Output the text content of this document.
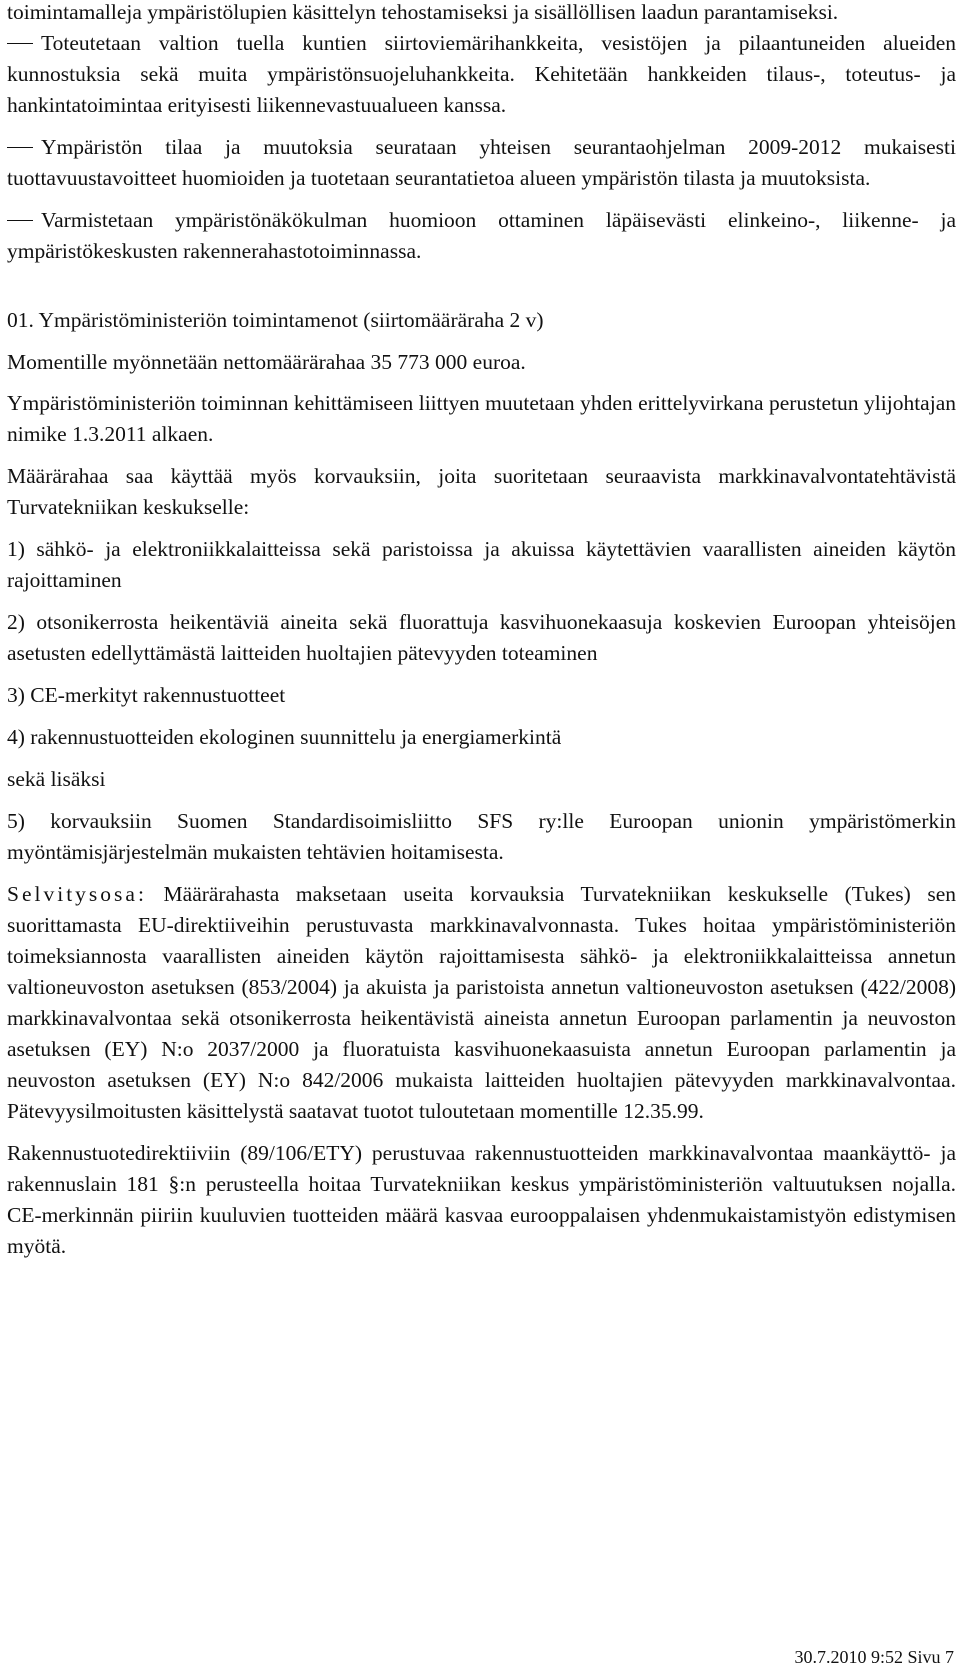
toimintamalleja ympäristölupien käsittelyn tehostamiseksi ja sisällöllisen laadun parantamiseksi.

Toteutetaan valtion tuella kuntien siirtoviemärihankkeita, vesistöjen ja pilaantuneiden alueiden kunnostuksia sekä muita ympäristönsuojeluhankkeita. Kehitetään hankkeiden tilaus-, toteutus- ja hankintatoimintaa erityisesti liikennevastuualueen kanssa.

Ympäristön tilaa ja muutoksia seurataan yhteisen seurantaohjelman 2009-2012 mukaisesti tuottavuustavoitteet huomioiden ja tuotetaan seurantatietoa alueen ympäristön tilasta ja muutoksista.

Varmistetaan ympäristönäkökulman huomioon ottaminen läpäisevästi elinkeino-, liikenne- ja ympäristökeskusten rakennerahastotoiminnassa.

01. Ympäristöministeriön toimintamenot (siirtomääräraha 2 v)

Momentille myönnetään nettomäärärahaa 35 773 000 euroa.

Ympäristöministeriön toiminnan kehittämiseen liittyen muutetaan yhden erittelyvirkana perustetun ylijohtajan nimike 1.3.2011 alkaen.

Määrärahaa saa käyttää myös korvauksiin, joita suoritetaan seuraavista markkinavalvontatehtävistä Turvatekniikan keskukselle:

1) sähkö- ja elektroniikkalaitteissa sekä paristoissa ja akuissa käytettävien vaarallisten aineiden käytön rajoittaminen

2) otsonikerrosta heikentäviä aineita sekä fluorattuja kasvihuonekaasuja koskevien Euroopan yhteisöjen asetusten edellyttämästä laitteiden huoltajien pätevyyden toteaminen

3) CE-merkityt rakennustuotteet

4) rakennustuotteiden ekologinen suunnittelu ja energiamerkintä

sekä lisäksi

5) korvauksiin Suomen Standardisoimisliitto SFS ry:lle Euroopan unionin ympäristömerkin myöntämisjärjestelmän mukaisten tehtävien hoitamisesta.

Selvitysosa: Määrärahasta maksetaan useita korvauksia Turvatekniikan keskukselle (Tukes) sen suorittamasta EU-direktiiveihin perustuvasta markkinavalvonnasta. Tukes hoitaa ympäristöministeriön toimeksiannosta vaarallisten aineiden käytön rajoittamisesta sähkö- ja elektroniikkalaitteissa annetun valtioneuvoston asetuksen (853/2004) ja akuista ja paristoista annetun valtioneuvoston asetuksen (422/2008) markkinavalvontaa sekä otsonikerrosta heikentävistä aineista annetun Euroopan parlamentin ja neuvoston asetuksen (EY) N:o 2037/2000 ja fluoratuista kasvihuonekaasuista annetun Euroopan parlamentin ja neuvoston asetuksen (EY) N:o 842/2006 mukaista laitteiden huoltajien pätevyyden markkinavalvontaa. Pätevyysilmoitusten käsittelystä saatavat tuotot tuloutetaan momentille 12.35.99.

Rakennustuotedirektiiviin (89/106/ETY) perustuvaa rakennustuotteiden markkinavalvontaa maankäyttö- ja rakennuslain 181 §:n perusteella hoitaa Turvatekniikan keskus ympäristöministeriön valtuutuksen nojalla. CE-merkinnän piiriin kuuluvien tuotteiden määrä kasvaa eurooppalaisen yhdenmukaistamistyön edistymisen myötä.

30.7.2010 9:52 Sivu 7
